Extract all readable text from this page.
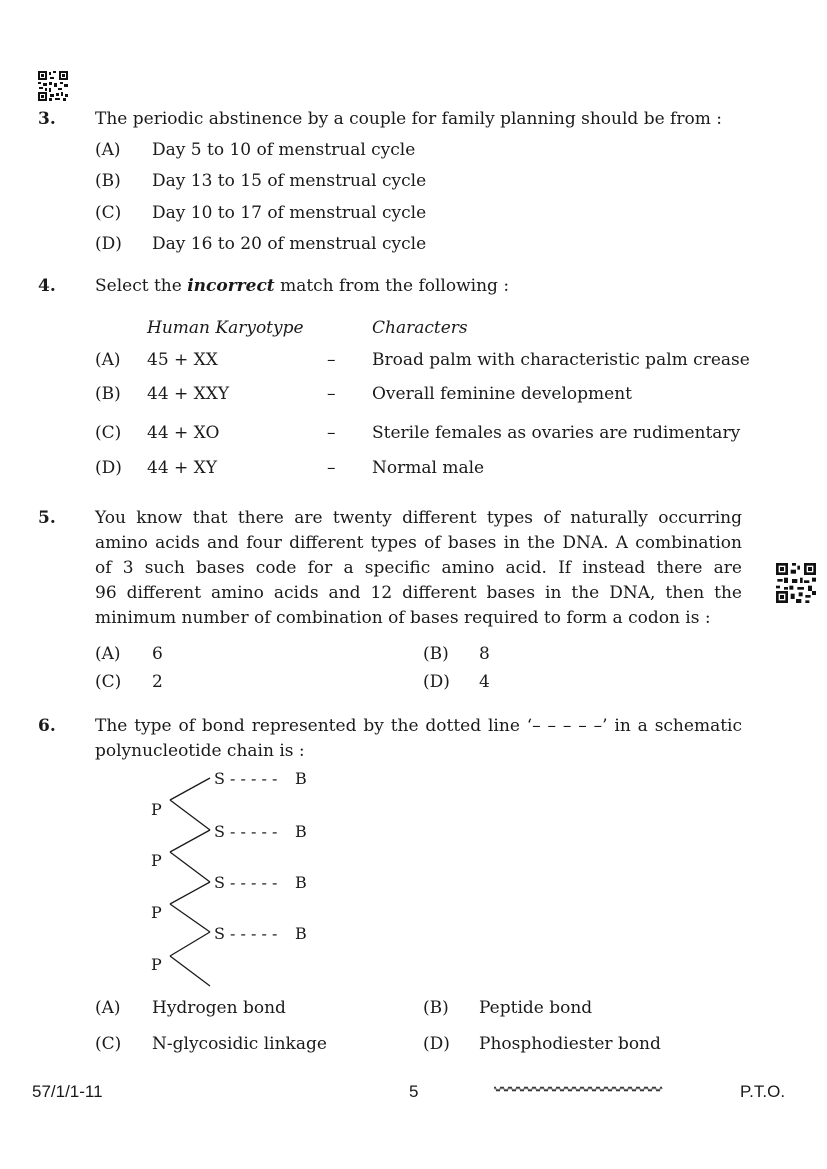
3. The periodic abstinence by a couple for family planning should be from :
(A) Day 5 to 10 of menstrual cycle
(B) Day 13 to 15 of menstrual cycle
(C) Day 10 to 17 of menstrual cycle
(D) Day 16 to 20 of menstrual cycle
4. Select the incorrect match from the following :
Human Karyotype	Characters
(A) 45 + XX	– Broad palm with characteristic palm crease
(B) 44 + XXY	– Overall feminine development
(C) 44 + XO	– Sterile females as ovaries are rudimentary
(D) 44 + XY	– Normal male
5. You know that there are twenty different types of naturally occurring
amino acids and four different types of bases in the DNA. A combination
of 3 such bases code for a specific amino acid. If instead there are
96 different amino acids and 12 different bases in the DNA, then the
minimum number of combination of bases required to form a codon is :
(A) 6	(B) 8
(C) 2	(D) 4
6. The type of bond represented by the dotted line ‘– – – – –’ in a schematic
polynucleotide chain is :
S - - - - - B
S - - - - - B
S - - - - - B
S - - - - - B
P
P
P
P
(A) Hydrogen bond	(B) Peptide bond
(C) N-glycosidic linkage	(D) Phosphodiester bond
57/1/1-11	5	P.T.O.
